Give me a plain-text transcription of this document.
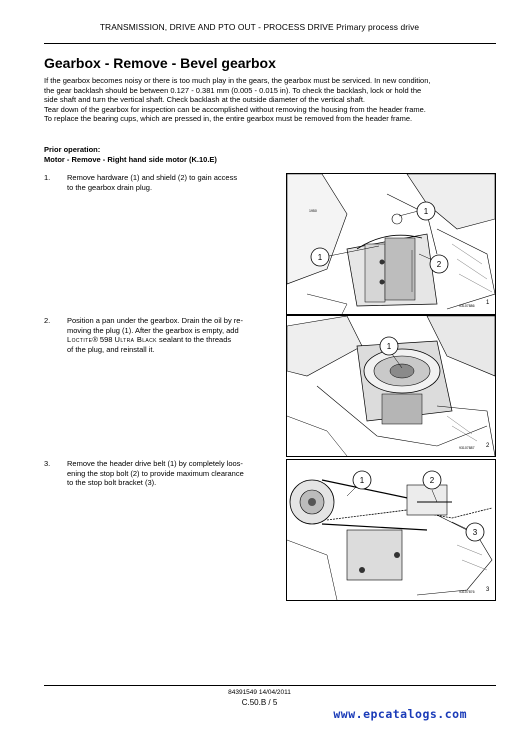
TRANSMISSION, DRIVE AND PTO OUT - PROCESS DRIVE Primary process drive
Gearbox - Remove - Bevel gearbox
If the gearbox becomes noisy or there is too much play in the gears, the gearbox must be serviced. In new condition,
the gear backlash should be between 0.127 - 0.381 mm (0.005 - 0.015 in). To check the backlash, lock or hold the
side shaft and turn the vertical shaft. Check backlash at the outside diameter of the vertical shaft.
Tear down of the gearbox for inspection can be accomplished without removing the housing from the header frame.
To replace the bearing cups, which are pressed in, the entire gearbox must be removed from the header frame.
Prior operation:
Motor - Remove - Right hand side motor (K.10.E)
1. Remove hardware (1) and shield (2) to gain access
to the gearbox drain plug.
1950	1
1
2
93107886 1
2. Position a pan under the gearbox. Drain the oil by re-
moving the plug (1). After the gearbox is empty, add
Loctite® 598 Ultra Black sealant to the threads
of the plug, and reinstall it.	1
93107887 2
3. Remove the header drive belt (1) by completely loos-
ening the stop bolt (2) to provide maximum clearance
to the stop bolt bracket (3).	1	2
3
93107876 3
84391549 14/04/2011
C.50.B / 5
www.epcatalogs.com
